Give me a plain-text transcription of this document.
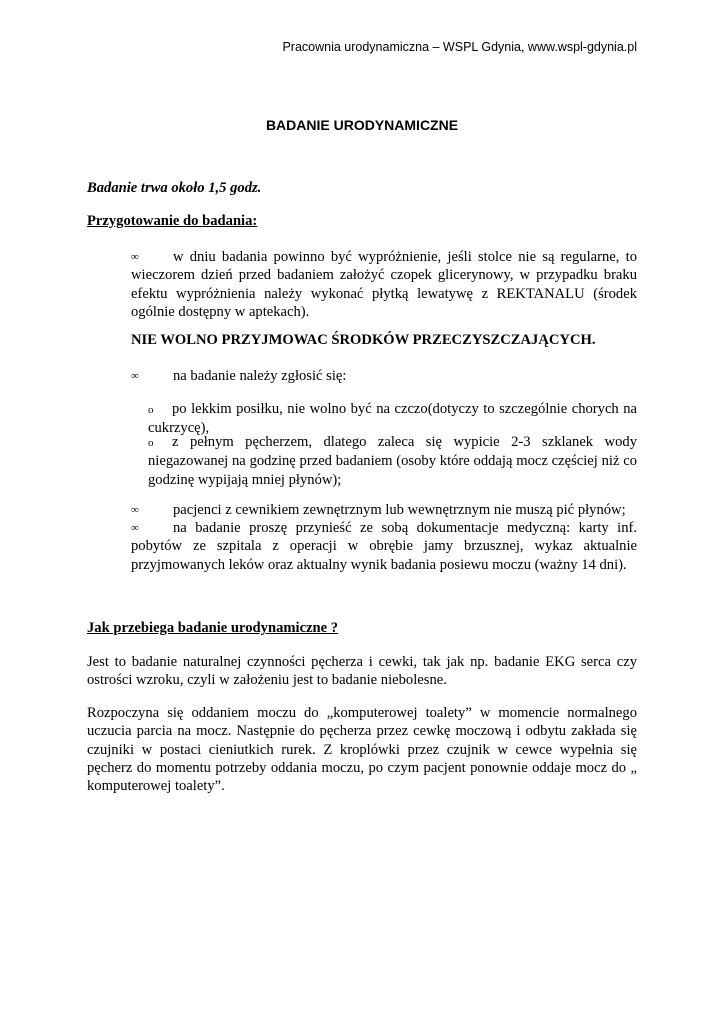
Pracownia urodynamiczna – WSPL Gdynia, www.wspl-gdynia.pl
BADANIE URODYNAMICZNE
Badanie trwa około 1,5 godz.
Przygotowanie do badania:
∞ w dniu badania powinno być wypróżnienie, jeśli stolce nie są regularne, to wieczorem dzień przed badaniem założyć czopek glicerynowy, w przypadku braku efektu wypróżnienia należy wykonać płytką lewatywę z REKTANALU (środek ogólnie dostępny w aptekach).
NIE WOLNO PRZYJMOWAC ŚRODKÓW PRZECZYSZCZAJĄCYCH.
∞ na badanie należy zgłosić się:
o po lekkim posiłku, nie wolno być na czczo(dotyczy to szczególnie chorych na cukrzycę),
o z pełnym pęcherzem, dlatego zaleca się wypicie 2-3 szklanek wody niegazowanej na godzinę przed badaniem (osoby które oddają mocz częściej niż co godzinę wypijają mniej płynów);
∞ pacjenci z cewnikiem zewnętrznym lub wewnętrznym nie muszą pić płynów;
∞ na badanie proszę przynieść ze sobą dokumentacje medyczną: karty inf. pobytów ze szpitala z operacji w obrębie jamy brzusznej, wykaz aktualnie przyjmowanych leków oraz aktualny wynik badania posiewu moczu (ważny 14 dni).
Jak przebiega badanie urodynamiczne ?
Jest to badanie naturalnej czynności pęcherza i cewki, tak jak np. badanie EKG serca czy ostrości wzroku, czyli w założeniu jest to badanie niebolesne.
Rozpoczyna się oddaniem moczu do „komputerowej toalety” w momencie normalnego uczucia parcia na mocz. Następnie do pęcherza przez cewkę moczową i odbytu zakłada się czujniki w postaci cieniutkich rurek. Z kroplówki przez czujnik w cewce wypełnia się pęcherz do momentu potrzeby oddania moczu, po czym pacjent ponownie oddaje mocz do „ komputerowej toalety”.
